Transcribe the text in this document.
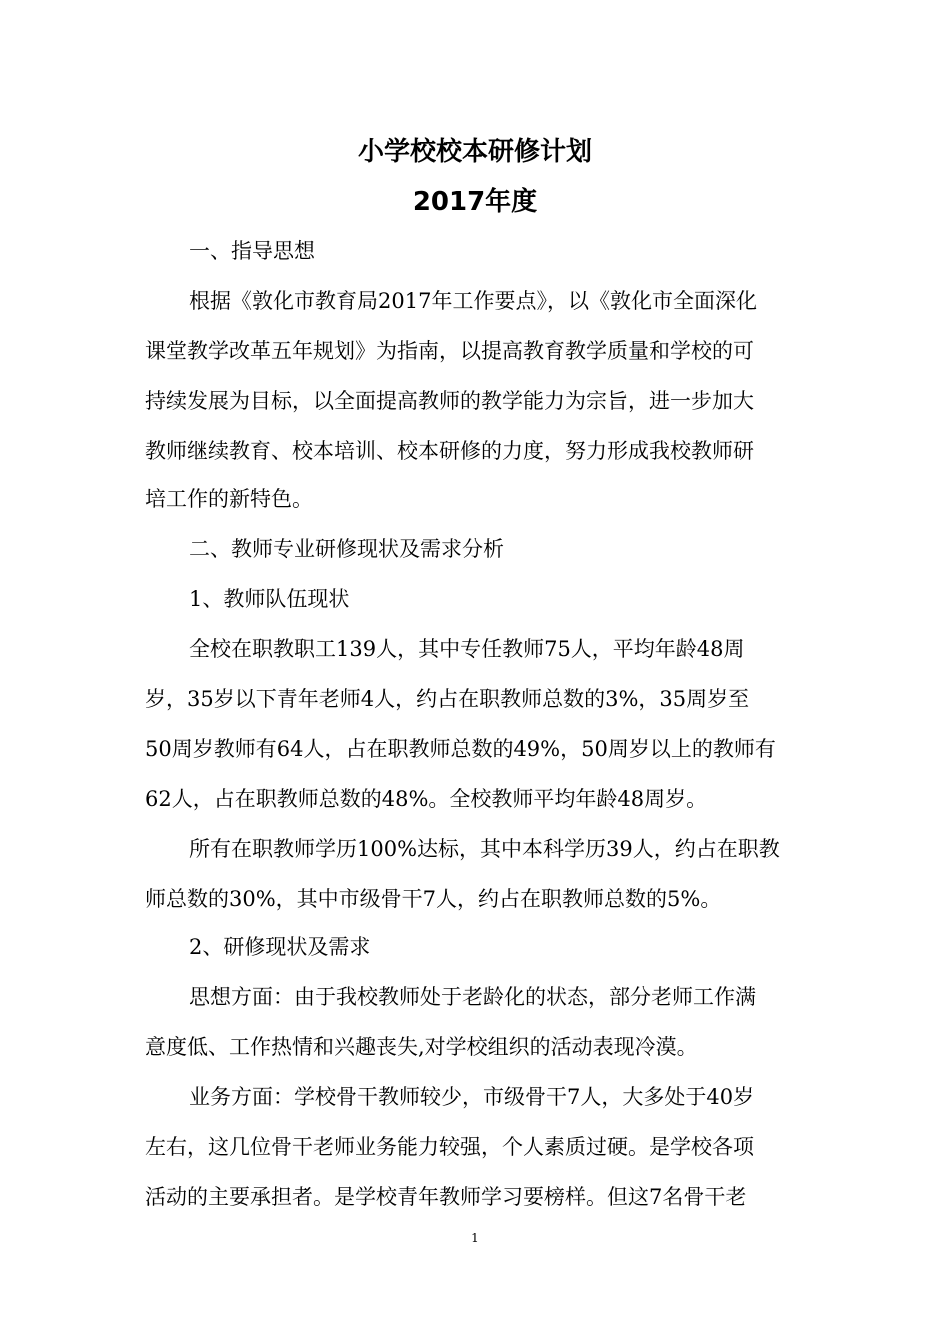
小学校校本研修计划
2017年度
一、指导思想
根据《敦化市教育局2017年工作要点》，以《敦化市全面深化
课堂教学改革五年规划》为指南，以提高教育教学质量和学校的可
持续发展为目标，以全面提高教师的教学能力为宗旨，进一步加大
教师继续教育、校本培训、校本研修的力度，努力形成我校教师研
培工作的新特色。
二、教师专业研修现状及需求分析
1、教师队伍现状
全校在职教职工139人，其中专任教师75人，平均年龄48周
岁，35岁以下青年老师4人，约占在职教师总数的3%，35周岁至
50周岁教师有64人，占在职教师总数的49%，50周岁以上的教师有
62人，占在职教师总数的48%。全校教师平均年龄48周岁。
所有在职教师学历100%达标，其中本科学历39人，约占在职教
师总数的30%，其中市级骨干7人，约占在职教师总数的5%。
2、研修现状及需求
思想方面：由于我校教师处于老龄化的状态，部分老师工作满
意度低、工作热情和兴趣丧失,对学校组织的活动表现冷漠。
业务方面：学校骨干教师较少，市级骨干7人，大多处于40岁
左右，这几位骨干老师业务能力较强，个人素质过硬。是学校各项
活动的主要承担者。是学校青年教师学习要榜样。但这7名骨干老
1
